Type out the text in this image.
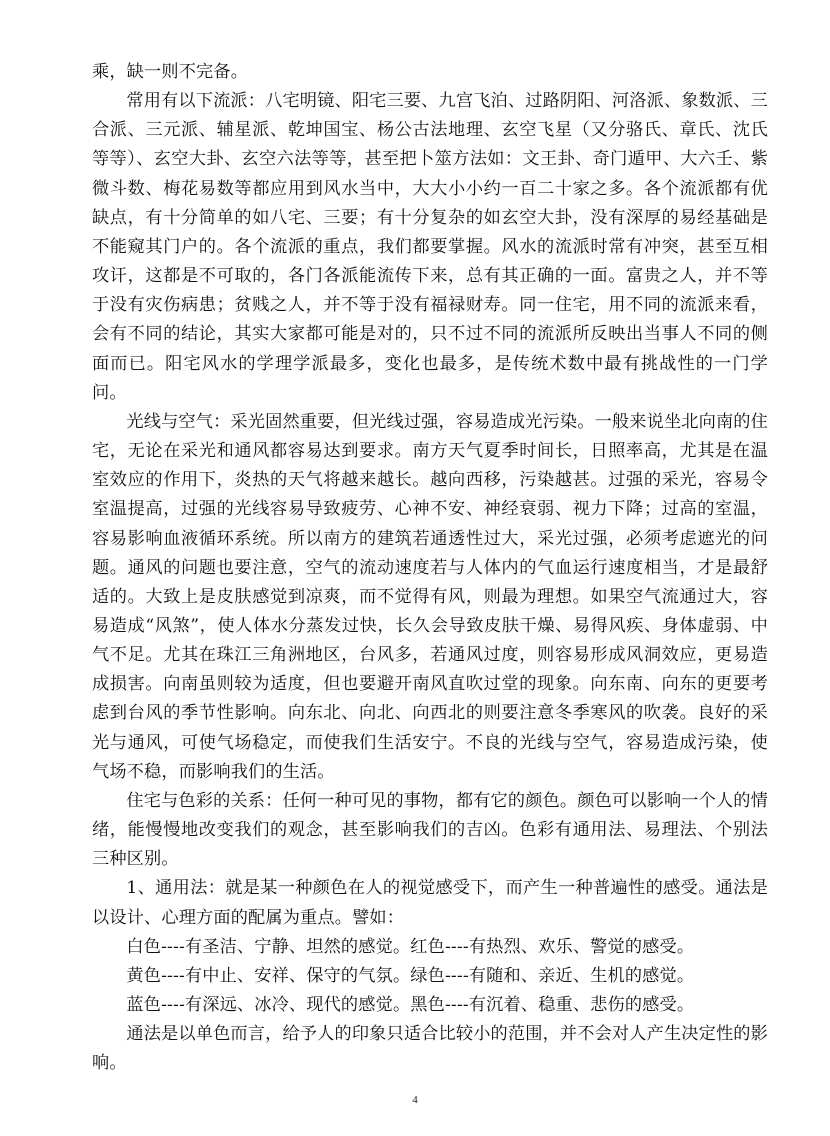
乘，缺一则不完备。

常用有以下流派：八宅明镜、阳宅三要、九宫飞泊、过路阴阳、河洛派、象数派、三合派、三元派、辅星派、乾坤国宝、杨公古法地理、玄空飞星（又分骆氏、章氏、沈氏等等）、玄空大卦、玄空六法等等，甚至把卜筮方法如：文王卦、奇门遁甲、大六壬、紫微斗数、梅花易数等都应用到风水当中，大大小小约一百二十家之多。各个流派都有优缺点，有十分简单的如八宅、三要；有十分复杂的如玄空大卦，没有深厚的易经基础是不能窥其门户的。各个流派的重点，我们都要掌握。风水的流派时常有冲突，甚至互相攻讦，这都是不可取的，各门各派能流传下来，总有其正确的一面。富贵之人，并不等于没有灾伤病患；贫贱之人，并不等于没有福禄财寿。同一住宅，用不同的流派来看，会有不同的结论，其实大家都可能是对的，只不过不同的流派所反映出当事人不同的侧面而已。阳宅风水的学理学派最多，变化也最多，是传统术数中最有挑战性的一门学问。

光线与空气：采光固然重要，但光线过强，容易造成光污染。一般来说坐北向南的住宅，无论在采光和通风都容易达到要求。南方天气夏季时间长，日照率高，尤其是在温室效应的作用下，炎热的天气将越来越长。越向西移，污染越甚。过强的采光，容易令室温提高，过强的光线容易导致疲劳、心神不安、神经衰弱、视力下降；过高的室温，容易影响血液循环系统。所以南方的建筑若通透性过大，采光过强，必须考虑遮光的问题。通风的问题也要注意，空气的流动速度若与人体内的气血运行速度相当，才是最舒适的。大致上是皮肤感觉到凉爽，而不觉得有风，则最为理想。如果空气流通过大，容易造成“风煞”，使人体水分蒸发过快，长久会导致皮肤干燥、易得风疾、身体虚弱、中气不足。尤其在珠江三角洲地区，台风多，若通风过度，则容易形成风洞效应，更易造成损害。向南虽则较为适度，但也要避开南风直吹过堂的现象。向东南、向东的更要考虑到台风的季节性影响。向东北、向北、向西北的则要注意冬季寒风的吹袭。良好的采光与通风，可使气场稳定，而使我们生活安宁。不良的光线与空气，容易造成污染，使气场不稳，而影响我们的生活。

住宅与色彩的关系：任何一种可见的事物，都有它的颜色。颜色可以影响一个人的情绪，能慢慢地改变我们的观念，甚至影响我们的吉凶。色彩有通用法、易理法、个别法三种区别。

1、通用法：就是某一种颜色在人的视觉感受下，而产生一种普遍性的感受。通法是以设计、心理方面的配属为重点。譬如：

白色----有圣洁、宁静、坦然的感觉。红色----有热烈、欢乐、警觉的感受。

黄色----有中止、安祥、保守的气氛。绿色----有随和、亲近、生机的感觉。

蓝色----有深远、冰冷、现代的感觉。黑色----有沉着、稳重、悲伤的感受。

通法是以单色而言，给予人的印象只适合比较小的范围，并不会对人产生决定性的影响。

4
